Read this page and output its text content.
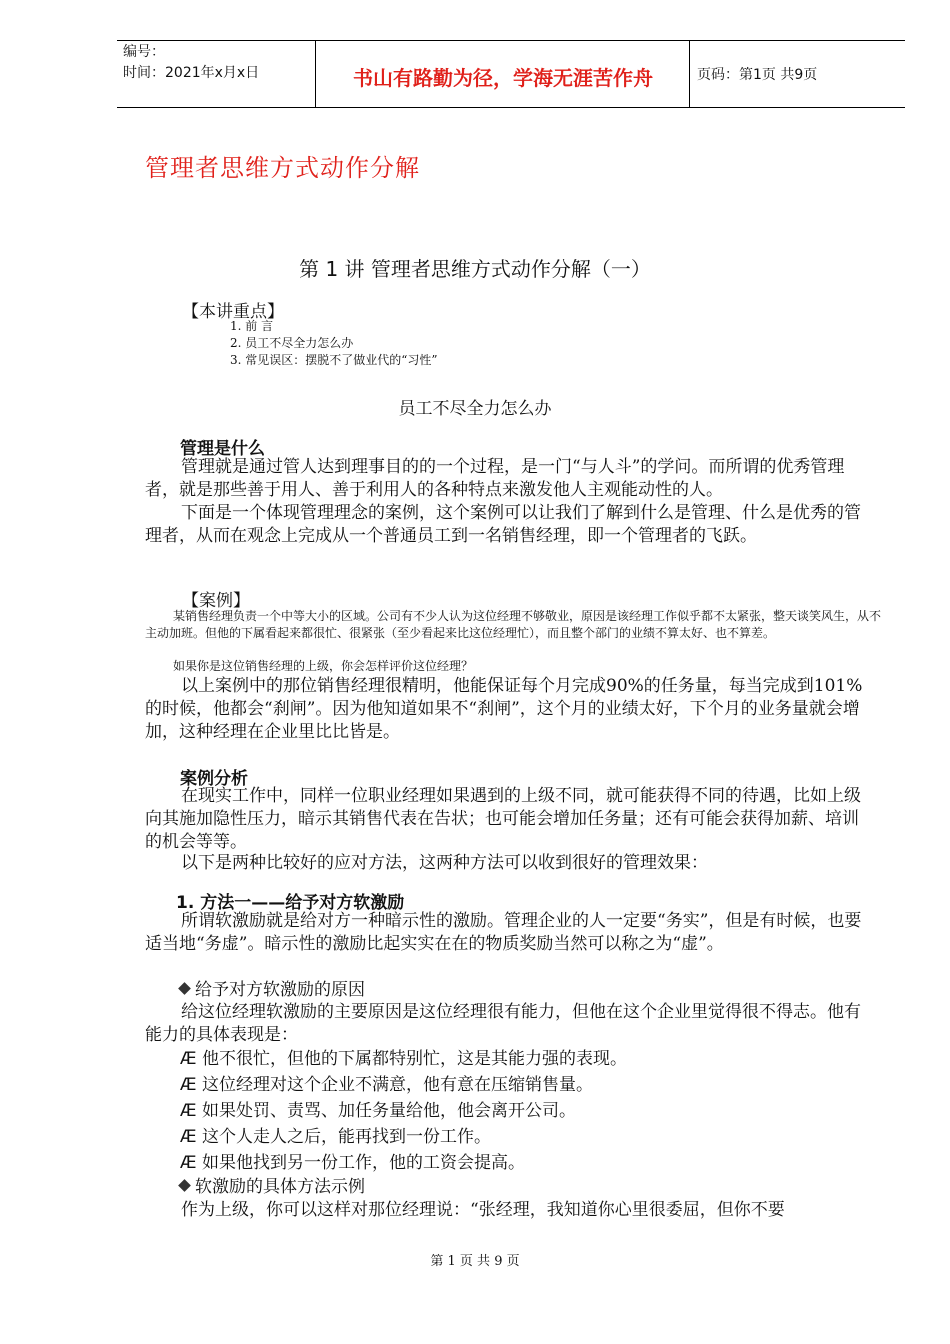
编号：
时间：2021年x月x日	书山有路勤为径，学海无涯苦作舟	页码：第1页 共9页
管理者思维方式动作分解
第 1 讲 管理者思维方式动作分解（一）
【本讲重点】
1. 前 言
2. 员工不尽全力怎么办
3. 常见误区：摆脱不了做业代的“习性”
员工不尽全力怎么办
管理是什么
管理就是通过管人达到理事目的的一个过程，是一门“与人斗”的学问。而所谓的优秀管理者，就是那些善于用人、善于利用人的各种特点来激发他人主观能动性的人。
下面是一个体现管理理念的案例，这个案例可以让我们了解到什么是管理、什么是优秀的管理者，从而在观念上完成从一个普通员工到一名销售经理，即一个管理者的飞跃。
【案例】
某销售经理负责一个中等大小的区域。公司有不少人认为这位经理不够敬业，原因是该经理工作似乎都不太紧张，整天谈笑风生，从不主动加班。但他的下属看起来都很忙、很紧张（至少看起来比这位经理忙），而且整个部门的业绩不算太好、也不算差。
如果你是这位销售经理的上级，你会怎样评价这位经理？
以上案例中的那位销售经理很精明，他能保证每个月完成90%的任务量，每当完成到101%的时候，他都会“刹闸”。因为他知道如果不“刹闸”，这个月的业绩太好，下个月的业务量就会增加，这种经理在企业里比比皆是。
案例分析
在现实工作中，同样一位职业经理如果遇到的上级不同，就可能获得不同的待遇，比如上级向其施加隐性压力，暗示其销售代表在告状；也可能会增加任务量；还有可能会获得加薪、培训的机会等等。
以下是两种比较好的应对方法，这两种方法可以收到很好的管理效果：
1. 方法一——给予对方软激励
所谓软激励就是给对方一种暗示性的激励。管理企业的人一定要“务实”，但是有时候，也要适当地“务虚”。暗示性的激励比起实实在在的物质奖励当然可以称之为“虚”。
给予对方软激励的原因
给这位经理软激励的主要原因是这位经理很有能力，但他在这个企业里觉得很不得志。他有能力的具体表现是：
Æ 他不很忙，但他的下属都特别忙，这是其能力强的表现。
Æ 这位经理对这个企业不满意，他有意在压缩销售量。
Æ 如果处罚、责骂、加任务量给他，他会离开公司。
Æ 这个人走人之后，能再找到一份工作。
Æ 如果他找到另一份工作，他的工资会提高。
软激励的具体方法示例
作为上级，你可以这样对那位经理说：“张经理，我知道你心里很委屈，但你不要
第 1 页 共 9 页
